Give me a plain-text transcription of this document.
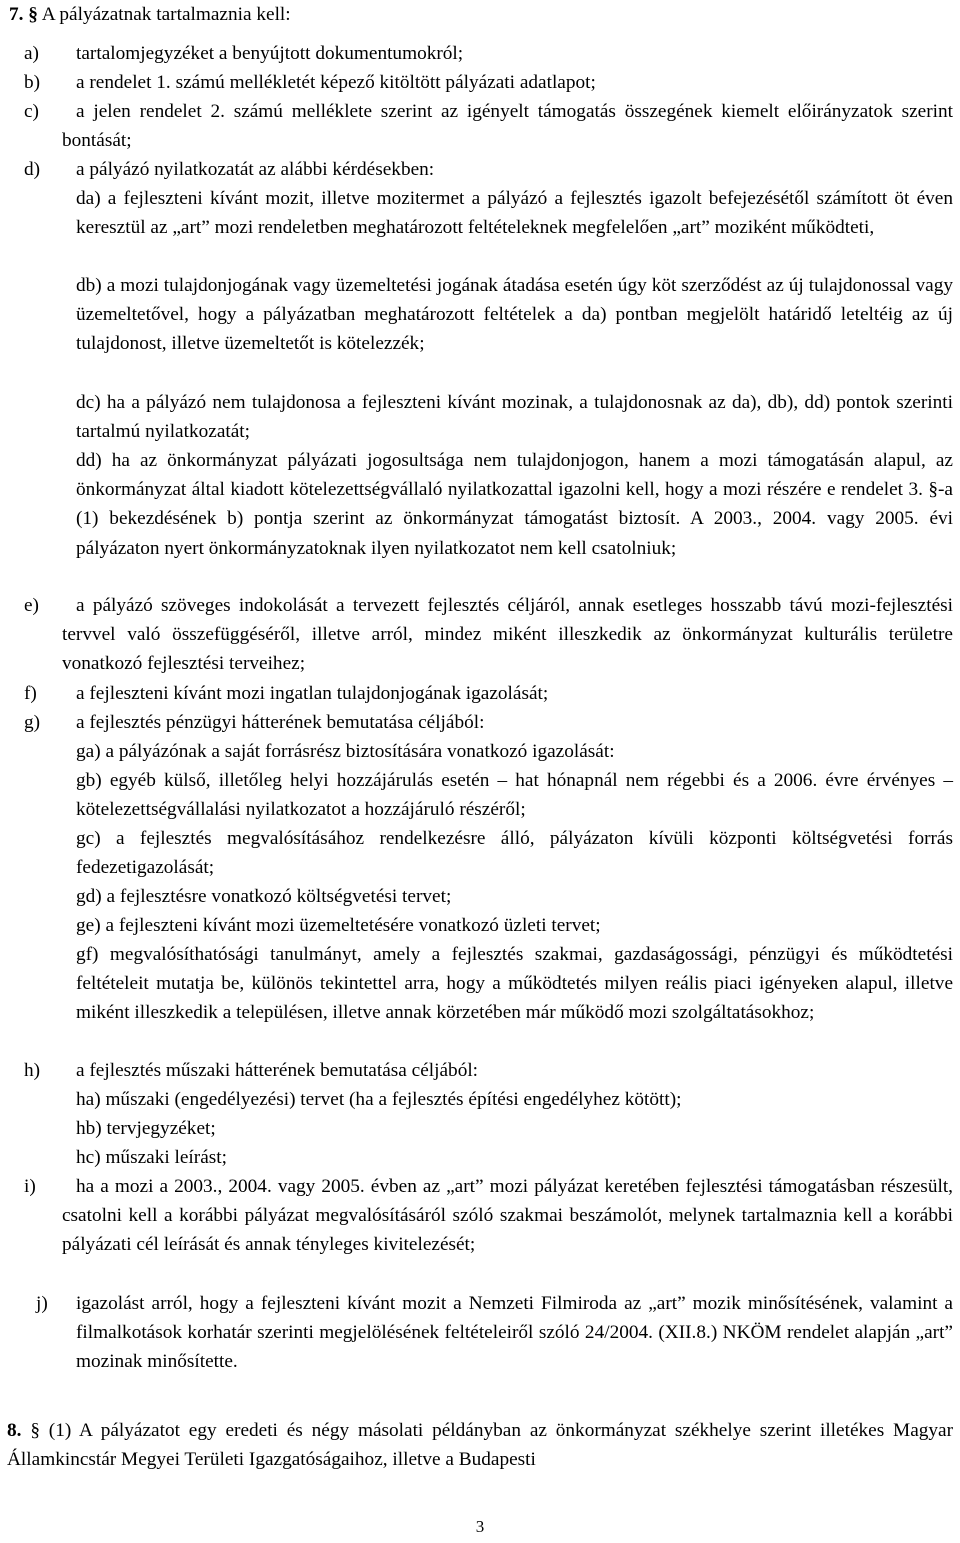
7. § A pályázatnak tartalmaznia kell:
a) tartalomjegyzéket a benyújtott dokumentumokról;
b) a rendelet 1. számú mellékletét képező kitöltött pályázati adatlapot;
c)	a jelen rendelet 2. számú melléklete szerint az igényelt támogatás összegének kiemelt előirányzatok szerint bontását;
d) a pályázó nyilatkozatát az alábbi kérdésekben:
da) a fejleszteni kívánt mozit, illetve mozitermet a pályázó a fejlesztés igazolt befejezésétől számított öt éven keresztül az „art” mozi rendeletben meghatározott feltételeknek megfelelően „art” moziként működteti,
db) a mozi tulajdonjogának vagy üzemeltetési jogának átadása esetén úgy köt szerződést az új tulajdonossal vagy üzemeltetővel, hogy a pályázatban meghatározott feltételek a da) pontban megjelölt határidő leteltéig az új tulajdonost, illetve üzemeltetőt is kötelezzék;
dc) ha a pályázó nem tulajdonosa a fejleszteni kívánt mozinak, a tulajdonosnak az da), db), dd) pontok szerinti tartalmú nyilatkozatát;
dd) ha az önkormányzat pályázati jogosultsága nem tulajdonjogon, hanem a mozi támogatásán alapul, az önkormányzat által kiadott kötelezettségvállaló nyilatkozattal igazolni kell, hogy a mozi részére e rendelet 3. §-a (1) bekezdésének b) pontja szerint az önkormányzat támogatást biztosít. A 2003., 2004. vagy 2005. évi pályázaton nyert önkormányzatoknak ilyen nyilatkozatot nem kell csatolniuk;
e)	a pályázó szöveges indokolását a tervezett fejlesztés céljáról, annak esetleges hosszabb távú mozi-fejlesztési tervvel való összefüggéséről, illetve arról, mindez miként illeszkedik az önkormányzat kulturális területre vonatkozó fejlesztési terveihez;
f) a fejleszteni kívánt mozi ingatlan tulajdonjogának igazolását;
g) a fejlesztés pénzügyi hátterének bemutatása céljából:
ga) a pályázónak a saját forrásrész biztosítására vonatkozó igazolását:
gb) egyéb külső, illetőleg helyi hozzájárulás esetén – hat hónapnál nem régebbi és a 2006. évre érvényes – kötelezettségvállalási nyilatkozatot a hozzájáruló részéről;
gc) a fejlesztés megvalósításához rendelkezésre álló, pályázaton kívüli központi költségvetési forrás fedezetigazolását;
gd) a fejlesztésre vonatkozó költségvetési tervet;
ge) a fejleszteni kívánt mozi üzemeltetésére vonatkozó üzleti tervet;
gf) megvalósíthatósági tanulmányt, amely a fejlesztés szakmai, gazdaságossági, pénzügyi és működtetési feltételeit mutatja be, különös tekintettel arra, hogy a működtetés milyen reális piaci igényeken alapul, illetve miként illeszkedik a településen, illetve annak körzetében már működő mozi szolgáltatásokhoz;
h) a fejlesztés műszaki hátterének bemutatása céljából:
ha) műszaki (engedélyezési) tervet (ha a fejlesztés építési engedélyhez kötött);
hb) tervjegyzéket;
hc) műszaki leírást;
i)	ha a mozi a 2003., 2004. vagy 2005. évben az „art” mozi pályázat keretében fejlesztési támogatásban részesült, csatolni kell a korábbi pályázat megvalósításáról szóló szakmai beszámolót, melynek tartalmaznia kell a korábbi pályázati cél leírását és annak tényleges kivitelezését;
j) igazolást arról, hogy a fejleszteni kívánt mozit a Nemzeti Filmiroda az „art” mozik minősítésének, valamint a filmalkotások korhatár szerinti megjelölésének feltételeiről szóló 24/2004. (XII.8.) NKÖM rendelet alapján „art” mozinak minősítette.
8. § (1) A pályázatot egy eredeti és négy másolati példányban az önkormányzat székhelye szerint illetékes Magyar Államkincstár Megyei Területi Igazgatóságaihoz, illetve a Budapesti
3
